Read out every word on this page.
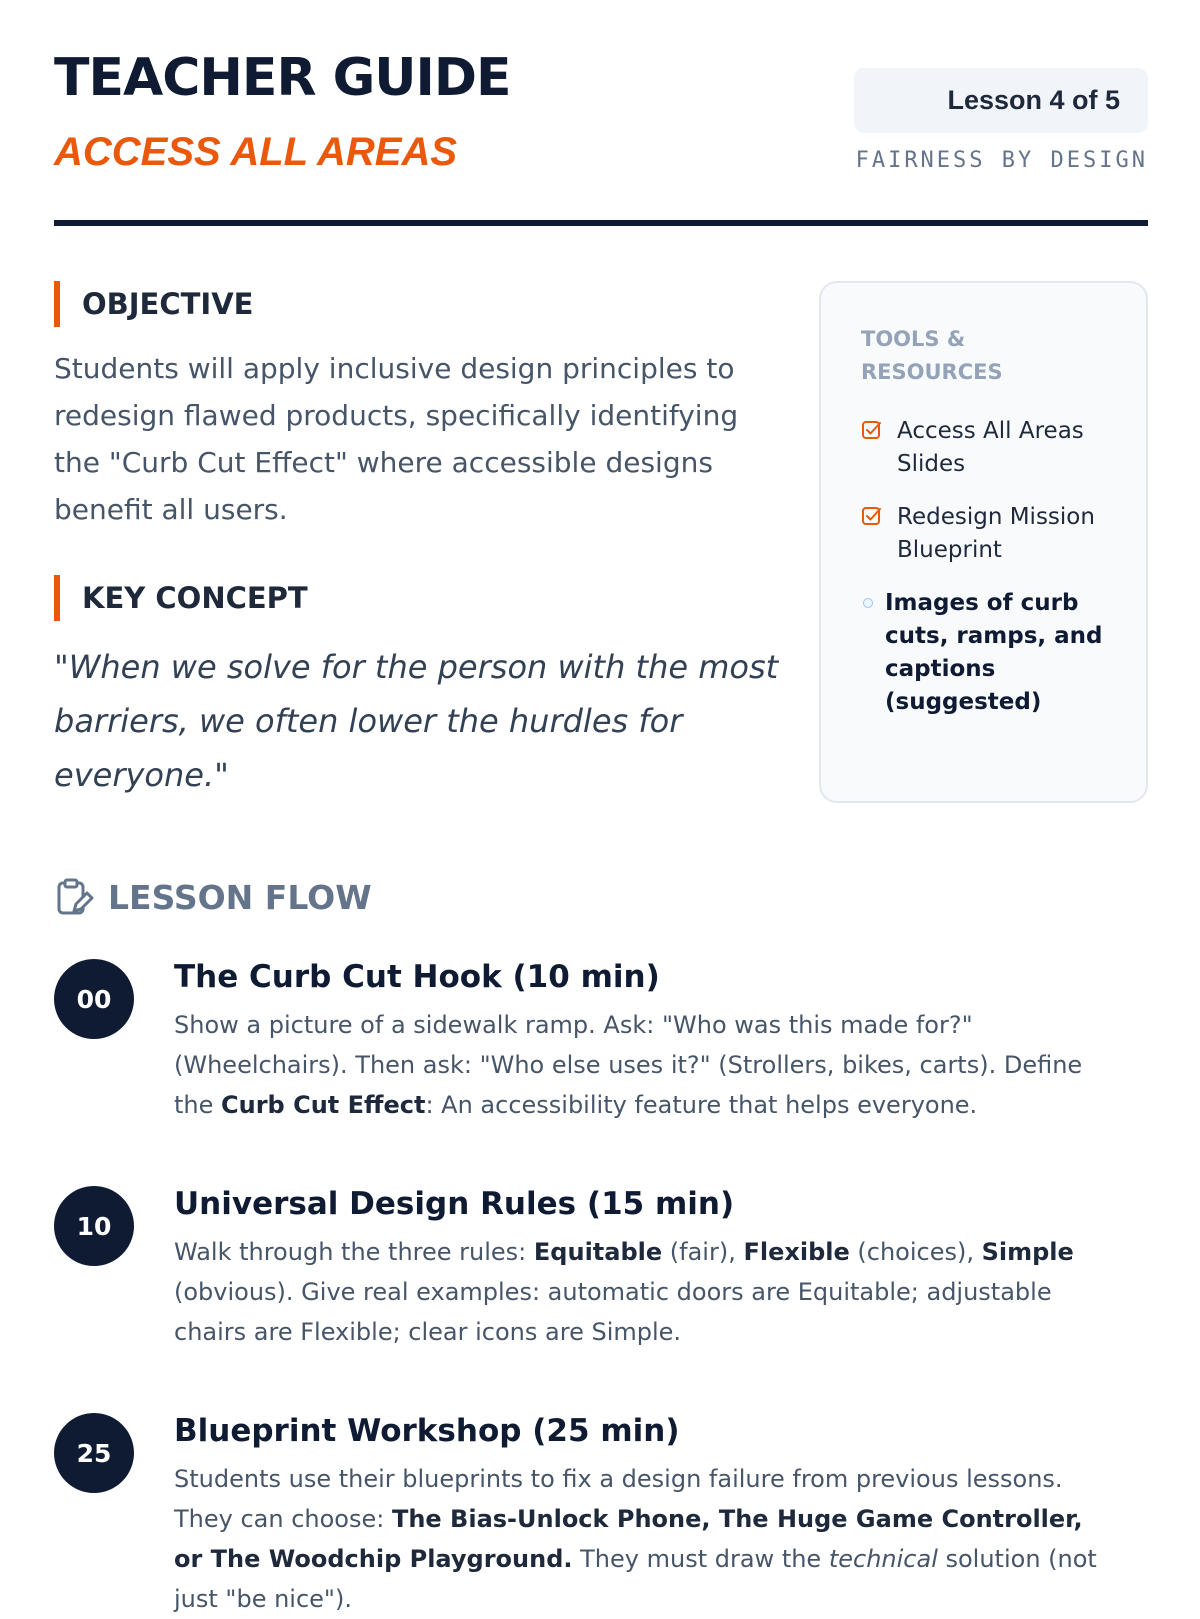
TEACHER GUIDE
ACCESS ALL AREAS
Lesson 4 of 5
FAIRNESS BY DESIGN
OBJECTIVE

Students will apply inclusive design principles to redesign flawed products, specifically identifying the "Curb Cut Effect" where accessible designs benefit all users.

KEY CONCEPT

"When we solve for the person with the most barriers, we often lower the hurdles for everyone."

TOOLS & RESOURCES
Access All Areas Slides
Redesign Mission Blueprint
Images of curb cuts, ramps, and captions (suggested)
LESSON FLOW
00
The Curb Cut Hook (10 min)

Show a picture of a sidewalk ramp. Ask: "Who was this made for?" (Wheelchairs). Then ask: "Who else uses it?" (Strollers, bikes, carts). Define the Curb Cut Effect: An accessibility feature that helps everyone.

10
Universal Design Rules (15 min)

Walk through the three rules: Equitable (fair), Flexible (choices), Simple (obvious). Give real examples: automatic doors are Equitable; adjustable chairs are Flexible; clear icons are Simple.

25
Blueprint Workshop (25 min)

Students use their blueprints to fix a design failure from previous lessons. They can choose: The Bias-Unlock Phone, The Huge Game Controller, or The Woodchip Playground. They must draw the technical solution (not just "be nice").
